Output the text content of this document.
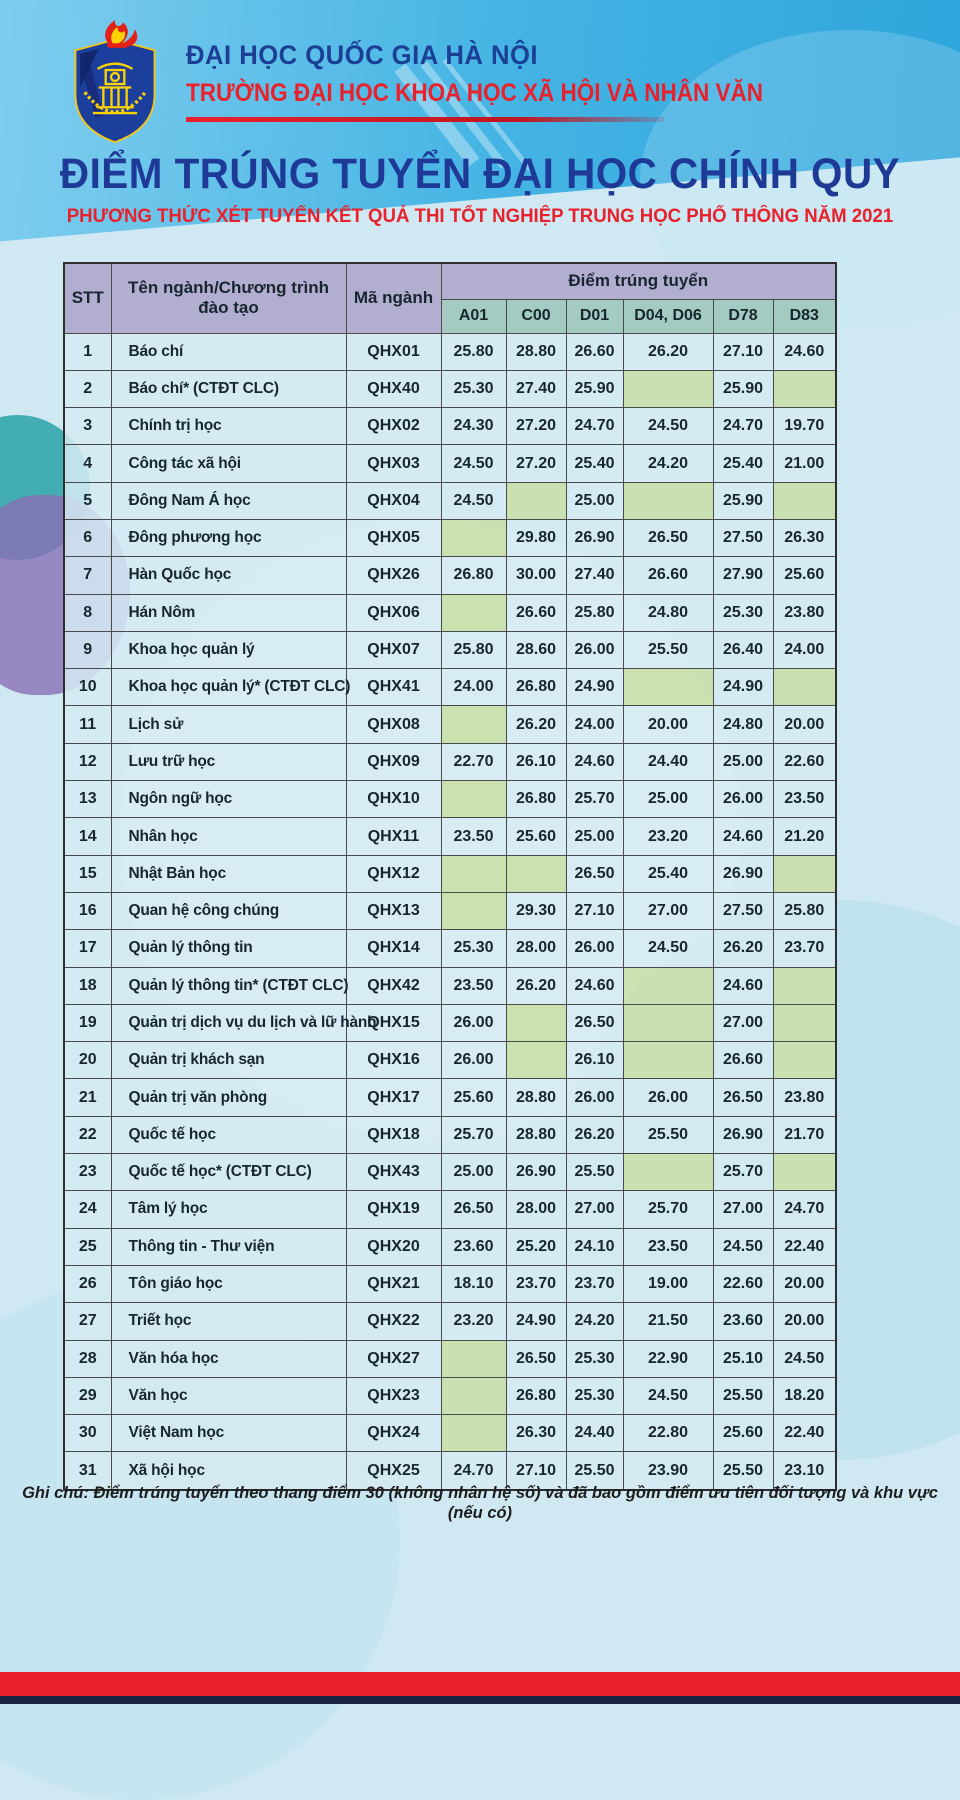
ĐẠI HỌC QUỐC GIA HÀ NỘI
TRƯỜNG ĐẠI HỌC KHOA HỌC XÃ HỘI VÀ NHÂN VĂN
ĐIỂM TRÚNG TUYỂN ĐẠI HỌC CHÍNH QUY
PHƯƠNG THỨC XÉT TUYỂN KẾT QUẢ THI TỐT NGHIỆP TRUNG HỌC PHỔ THÔNG NĂM 2021
STT	Tên ngành/Chương trình đào tạo	Mã ngành	Điểm trúng tuyển					
			A01	C00	D01	D04, D06	D78	D83
1	Báo chí	QHX01	25.80	28.80	26.60	26.20	27.10	24.60
2	Báo chí* (CTĐT CLC)	QHX40	25.30	27.40	25.90		25.90	
3	Chính trị học	QHX02	24.30	27.20	24.70	24.50	24.70	19.70
4	Công tác xã hội	QHX03	24.50	27.20	25.40	24.20	25.40	21.00
5	Đông Nam Á học	QHX04	24.50		25.00		25.90	
6	Đông phương học	QHX05		29.80	26.90	26.50	27.50	26.30
7	Hàn Quốc học	QHX26	26.80	30.00	27.40	26.60	27.90	25.60
8	Hán Nôm	QHX06		26.60	25.80	24.80	25.30	23.80
9	Khoa học quản lý	QHX07	25.80	28.60	26.00	25.50	26.40	24.00
10	Khoa học quản lý* (CTĐT CLC)	QHX41	24.00	26.80	24.90		24.90	
11	Lịch sử	QHX08		26.20	24.00	20.00	24.80	20.00
12	Lưu trữ học	QHX09	22.70	26.10	24.60	24.40	25.00	22.60
13	Ngôn ngữ học	QHX10		26.80	25.70	25.00	26.00	23.50
14	Nhân học	QHX11	23.50	25.60	25.00	23.20	24.60	21.20
15	Nhật Bản học	QHX12			26.50	25.40	26.90	
16	Quan hệ công chúng	QHX13		29.30	27.10	27.00	27.50	25.80
17	Quản lý thông tin	QHX14	25.30	28.00	26.00	24.50	26.20	23.70
18	Quản lý thông tin* (CTĐT CLC)	QHX42	23.50	26.20	24.60		24.60	
19	Quản trị dịch vụ du lịch và lữ hành	QHX15	26.00		26.50		27.00	
20	Quản trị khách sạn	QHX16	26.00		26.10		26.60	
21	Quản trị văn phòng	QHX17	25.60	28.80	26.00	26.00	26.50	23.80
22	Quốc tế học	QHX18	25.70	28.80	26.20	25.50	26.90	21.70
23	Quốc tế học* (CTĐT CLC)	QHX43	25.00	26.90	25.50		25.70	
24	Tâm lý học	QHX19	26.50	28.00	27.00	25.70	27.00	24.70
25	Thông tin - Thư viện	QHX20	23.60	25.20	24.10	23.50	24.50	22.40
26	Tôn giáo học	QHX21	18.10	23.70	23.70	19.00	22.60	20.00
27	Triết học	QHX22	23.20	24.90	24.20	21.50	23.60	20.00
28	Văn hóa học	QHX27		26.50	25.30	22.90	25.10	24.50
29	Văn học	QHX23		26.80	25.30	24.50	25.50	18.20
30	Việt Nam học	QHX24		26.30	24.40	22.80	25.60	22.40
31	Xã hội học	QHX25	24.70	27.10	25.50	23.90	25.50	23.10
Ghi chú: Điểm trúng tuyển theo thang điểm 30 (không nhân hệ số) và đã bao gồm điểm ưu tiên đối tượng và khu vực (nếu có)
